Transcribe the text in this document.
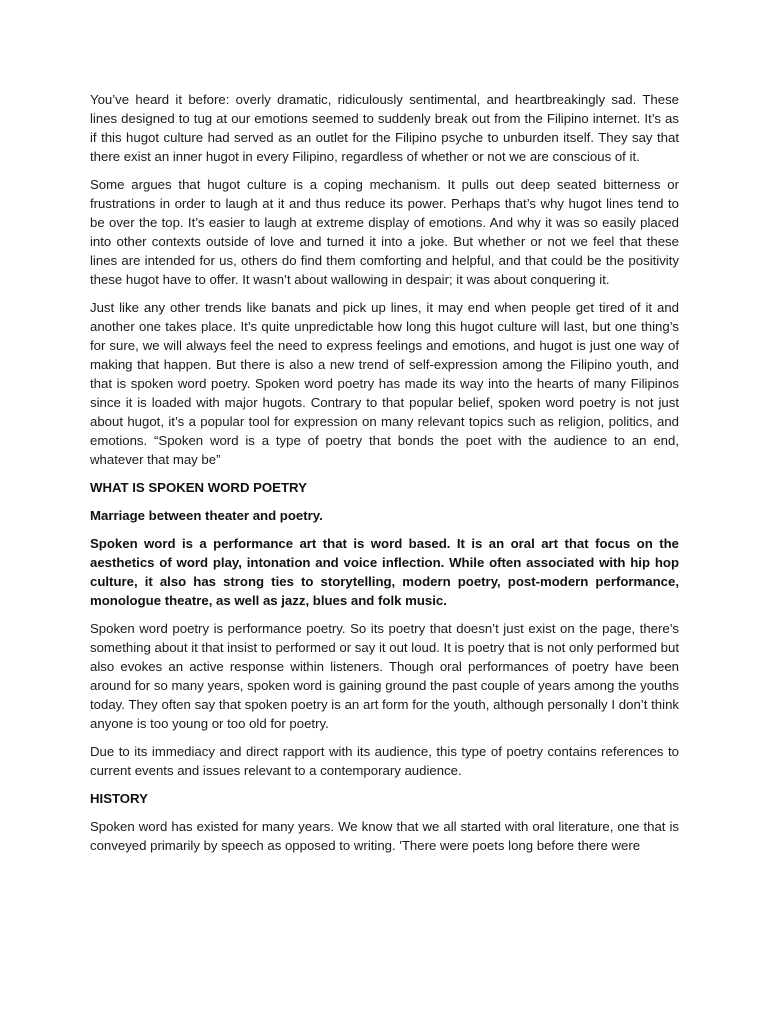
You’ve heard it before: overly dramatic, ridiculously sentimental, and heartbreakingly sad. These lines designed to tug at our emotions seemed to suddenly break out from the Filipino internet. It’s as if this hugot culture had served as an outlet for the Filipino psyche to unburden itself. They say that there exist an inner hugot in every Filipino, regardless of whether or not we are conscious of it.

Some argues that hugot culture is a coping mechanism. It pulls out deep seated bitterness or frustrations in order to laugh at it and thus reduce its power. Perhaps that’s why hugot lines tend to be over the top. It’s easier to laugh at extreme display of emotions. And why it was so easily placed into other contexts outside of love and turned it into a joke. But whether or not we feel that these lines are intended for us, others do find them comforting and helpful, and that could be the positivity these hugot have to offer. It wasn’t about wallowing in despair; it was about conquering it.

Just like any other trends like banats and pick up lines, it may end when people get tired of it and another one takes place. It’s quite unpredictable how long this hugot culture will last, but one thing’s for sure, we will always feel the need to express feelings and emotions, and hugot is just one way of making that happen. But there is also a new trend of self-expression among the Filipino youth, and that is spoken word poetry. Spoken word poetry has made its way into the hearts of many Filipinos since it is loaded with major hugots. Contrary to that popular belief, spoken word poetry is not just about hugot, it’s a popular tool for expression on many relevant topics such as religion, politics, and emotions. “Spoken word is a type of poetry that bonds the poet with the audience to an end, whatever that may be”

WHAT IS SPOKEN WORD POETRY

Marriage between theater and poetry.

Spoken word is a performance art that is word based. It is an oral art that focus on the aesthetics of word play, intonation and voice inflection. While often associated with hip hop culture, it also has strong ties to storytelling, modern poetry, post-modern performance, monologue theatre, as well as jazz, blues and folk music.

Spoken word poetry is performance poetry. So its poetry that doesn’t just exist on the page, there’s something about it that insist to performed or say it out loud. It is poetry that is not only performed but also evokes an active response within listeners. Though oral performances of poetry have been around for so many years, spoken word is gaining ground the past couple of years among the youths today. They often say that spoken poetry is an art form for the youth, although personally I don’t think anyone is too young or too old for poetry.

Due to its immediacy and direct rapport with its audience, this type of poetry contains references to current events and issues relevant to a contemporary audience.

HISTORY

Spoken word has existed for many years. We know that we all started with oral literature, one that is conveyed primarily by speech as opposed to writing. 'There were poets long before there were
